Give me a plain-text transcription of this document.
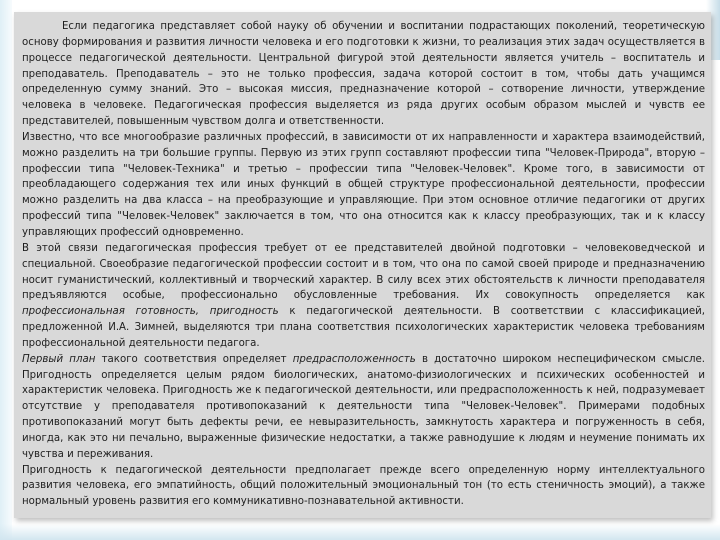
Если педагогика представляет собой науку об обучении и воспитании подрастающих поколений, теоретическую основу формирования и развития личности человека и его подготовки к жизни, то реализация этих задач осуществляется в процессе педагогической деятельности. Центральной фигурой этой деятельности является учитель – воспитатель и преподаватель. Преподаватель – это не только профессия, задача которой состоит в том, чтобы дать учащимся определенную сумму знаний. Это – высокая миссия, предназначение которой – сотворение личности, утверждение человека в человеке. Педагогическая профессия выделяется из ряда других особым образом мыслей и чувств ее представителей, повышенным чувством долга и ответственности.

Известно, что все многообразие различных профессий, в зависимости от их направленности и характера взаимодействий, можно разделить на три большие группы. Первую из этих групп составляют профессии типа "Человек-Природа", вторую – профессии типа "Человек-Техника" и третью – профессии типа "Человек-Человек". Кроме того, в зависимости от преобладающего содержания тех или иных функций в общей структуре профессиональной деятельности, профессии можно разделить на два класса – на преобразующие и управляющие. При этом основное отличие педагогики от других профессий типа "Человек-Человек" заключается в том, что она относится как к классу преобразующих, так и к классу управляющих профессий одновременно.

В этой связи педагогическая профессия требует от ее представителей двойной подготовки – человековедческой и специальной. Своеобразие педагогической профессии состоит и в том, что она по самой своей природе и предназначению носит гуманистический, коллективный и творческий характер. В силу всех этих обстоятельств к личности преподавателя предъявляются особые, профессионально обусловленные требования. Их совокупность определяется как профессиональная готовность, пригодность к педагогической деятельности. В соответствии с классификацией, предложенной И.А. Зимней, выделяются три плана соответствия психологических характеристик человека требованиям профессиональной деятельности педагога.

Первый план такого соответствия определяет предрасположенность в достаточно широком неспецифическом смысле. Пригодность определяется целым рядом биологических, анатомо-физиологических и психических особенностей и характеристик человека. Пригодность же к педагогической деятельности, или предрасположенность к ней, подразумевает отсутствие у преподавателя противопоказаний к деятельности типа "Человек-Человек". Примерами подобных противопоказаний могут быть дефекты речи, ее невыразительность, замкнутость характера и погруженность в себя, иногда, как это ни печально, выраженные физические недостатки, а также равнодушие к людям и неумение понимать их чувства и переживания.

Пригодность к педагогической деятельности предполагает прежде всего определенную норму интеллектуального развития человека, его эмпатийность, общий положительный эмоциональный тон (то есть стеничность эмоций), а также нормальный уровень развития его коммуникативно-познавательной активности.
